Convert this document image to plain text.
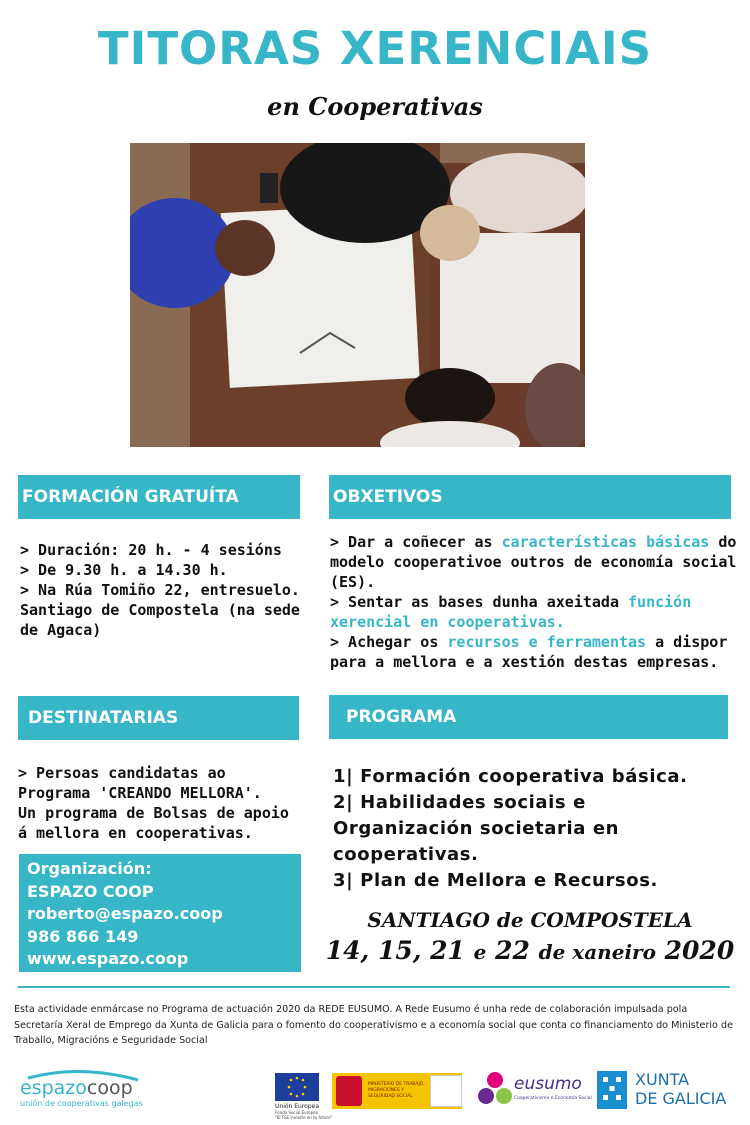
TITORAS XERENCIAIS
en Cooperativas
FORMACIÓN GRATUÍTA

> Duración: 20 h. - 4 sesións

> De 9.30 h. a 14.30 h.

> Na Rúa Tomiño 22, entresuelo.

Santiago de Compostela (na sede

de Agaca)

OBXETIVOS

> Dar a coñecer as características básicas do modelo cooperativoe outros de economía social (ES).

> Sentar as bases dunha axeitada función xerencial en cooperativas.

> Achegar os recursos e ferramentas a dispor para a mellora e a xestión destas empresas.

DESTINATARIAS

> Persoas candidatas ao

Programa 'CREANDO MELLORA'.

Un programa de Bolsas de apoio

á mellora en cooperativas.

PROGRAMA
1| Formación cooperativa básica.
2| Habilidades sociais e
Organización societaria en
cooperativas.
3| Plan de Mellora e Recursos.
Organización:
ESPAZO COOP
roberto@espazo.coop
986 866 149 www.espazo.coop
SANTIAGO de COMPOSTELA
14, 15, 21 e 22 de xaneiro 2020
Esta actividade enmárcase no Programa de actuación 2020 da REDE EUSUMO. A Rede Eusumo é unha rede de colaboración impulsada pola Secretaría Xeral de Emprego da Xunta de Galicia para o fomento do cooperativismo e a economía social que conta co financiamento do Ministerio de Traballo, Migracións e Seguridade Social
espazocoop
unión de cooperativas galegas	Unión Europea
Fondo Social Europeo
"El FSE invierte en tu futuro"
MINISTERIO DE TRABAJO, MIGRACIONES Y SEGURIDAD SOCIAL
eusumo
Cooperativismo e Economía Social
XUNTA
DE GALICIA
